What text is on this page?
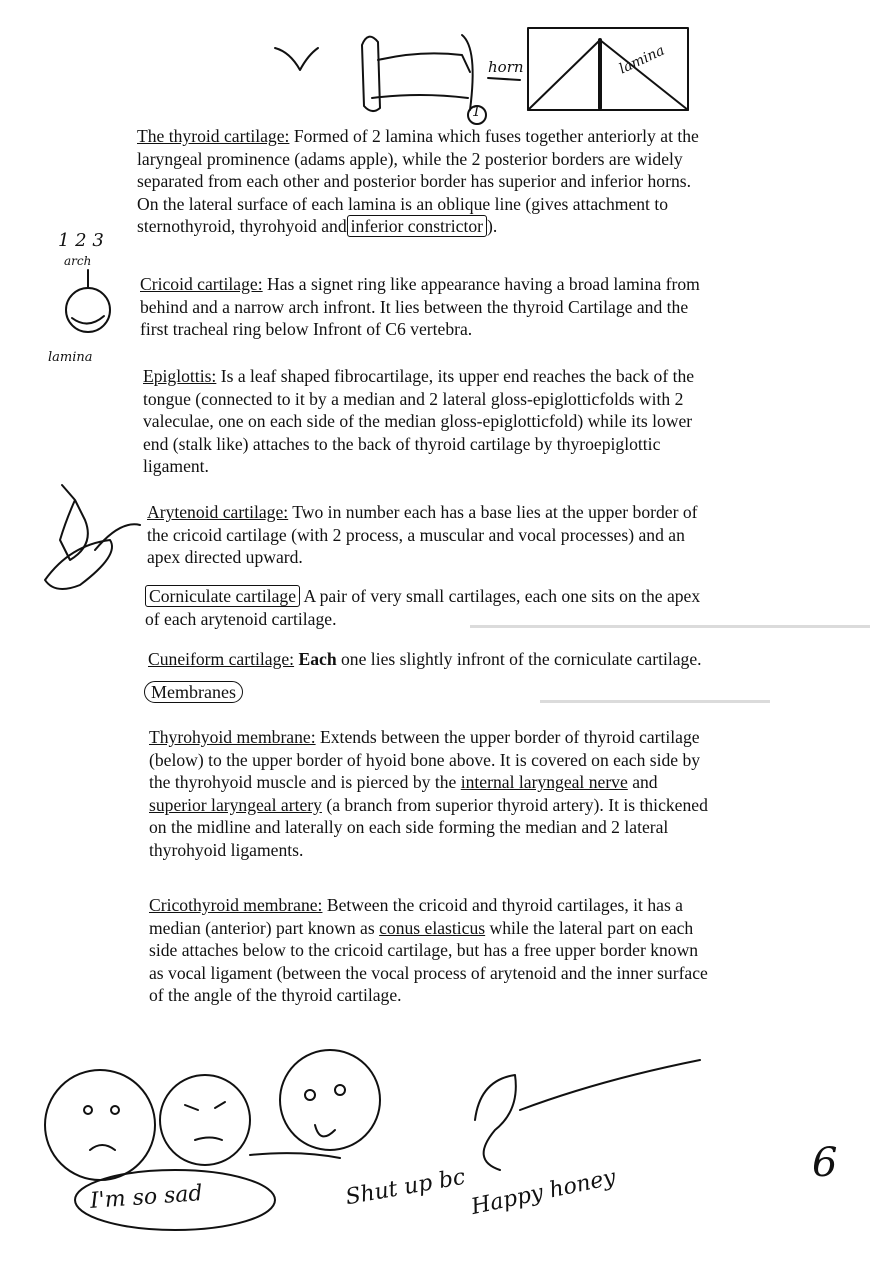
horn	lamina
1
1 2 3
arch
lamina
I'm so sad	Shut up bc Happy honey
6
The thyroid cartilage: Formed of 2 lamina which fuses together anteriorly at the
laryngeal prominence (adams apple), while the 2 posterior borders are widely
separated from each other and posterior border has superior and inferior horns.
On the lateral surface of each lamina is an oblique line (gives attachment to
sternothyroid, thyrohyoid and inferior constrictor ).
Cricoid cartilage: Has a signet ring like appearance having a broad lamina from
behind and a narrow arch infront. It lies between the thyroid Cartilage and the
first tracheal ring below Infront of C6 vertebra.
Epiglottis: Is a leaf shaped fibrocartilage, its upper end reaches the back of the
tongue (connected to it by a median and 2 lateral gloss-epiglotticfolds with 2
valeculae, one on each side of the median gloss-epiglotticfold) while its lower
end (stalk like) attaches to the back of thyroid cartilage by thyroepiglottic
ligament.
Arytenoid cartilage: Two in number each has a base lies at the upper border of
the cricoid cartilage (with 2 process, a muscular and vocal processes) and an
apex directed upward.
Corniculate cartilage A pair of very small cartilages, each one sits on the apex
of each arytenoid cartilage.
Cuneiform cartilage: Each one lies slightly infront of the corniculate cartilage.
Membranes
Thyrohyoid membrane: Extends between the upper border of thyroid cartilage
(below) to the upper border of hyoid bone above. It is covered on each side by
the thyrohyoid muscle and is pierced by the internal laryngeal nerve and
superior laryngeal artery (a branch from superior thyroid artery). It is thickened
on the midline and laterally on each side forming the median and 2 lateral
thyrohyoid ligaments.
Cricothyroid membrane: Between the cricoid and thyroid cartilages, it has a
median (anterior) part known as conus elasticus while the lateral part on each
side attaches below to the cricoid cartilage, but has a free upper border known
as vocal ligament (between the vocal process of arytenoid and the inner surface
of the angle of the thyroid cartilage.
